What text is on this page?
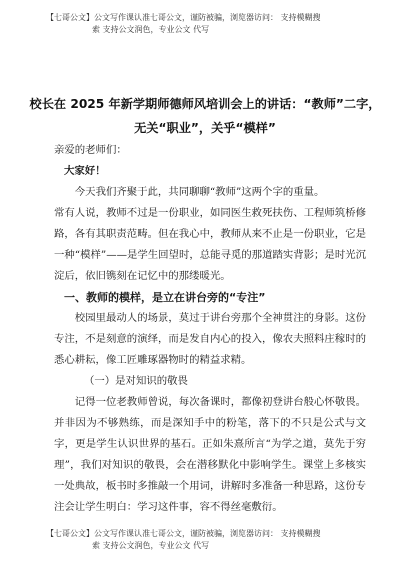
【七哥公文】公文写作课认准七哥公文，谨防被骗，浏览器访问： 支持模糊搜
索 支持公文润色，专业公文 代写
校长在 2025 年新学期师德师风培训会上的讲话：“教师”二字，
无关“职业”，关乎“模样”

亲爱的老师们：

大家好！

今天我们齐聚于此，共同聊聊“教师”这两个字的重量。

常有人说，教师不过是一份职业，如同医生救死扶伤、工程师筑桥修路，各有其职责范畴。但在我心中，教师从来不止是一份职业，它是一种“模样”——是学生回望时，总能寻觅的那道踏实背影；是时光沉淀后，依旧镌刻在记忆中的那缕暖光。

一、教师的模样，是立在讲台旁的“专注”

校园里最动人的场景，莫过于讲台旁那个全神贯注的身影。这份专注，不是刻意的演绎，而是发自内心的投入，像农夫照料庄稼时的悉心耕耘，像工匠雕琢器物时的精益求精。

（一）是对知识的敬畏

记得一位老教师曾说，每次备课时，都像初登讲台般心怀敬畏。并非因为不够熟练，而是深知手中的粉笔，落下的不只是公式与文字，更是学生认识世界的基石。正如朱熹所言“为学之道，莫先于穷理”，我们对知识的敬畏，会在潜移默化中影响学生。课堂上多核实一处典故，板书时多推敲一个用词，讲解时多准备一种思路，这份专注会让学生明白：学习这件事，容不得丝毫敷衍。

【七哥公文】公文写作课认准七哥公文，谨防被骗，浏览器访问： 支持模糊搜
索 支持公文润色，专业公文 代写
